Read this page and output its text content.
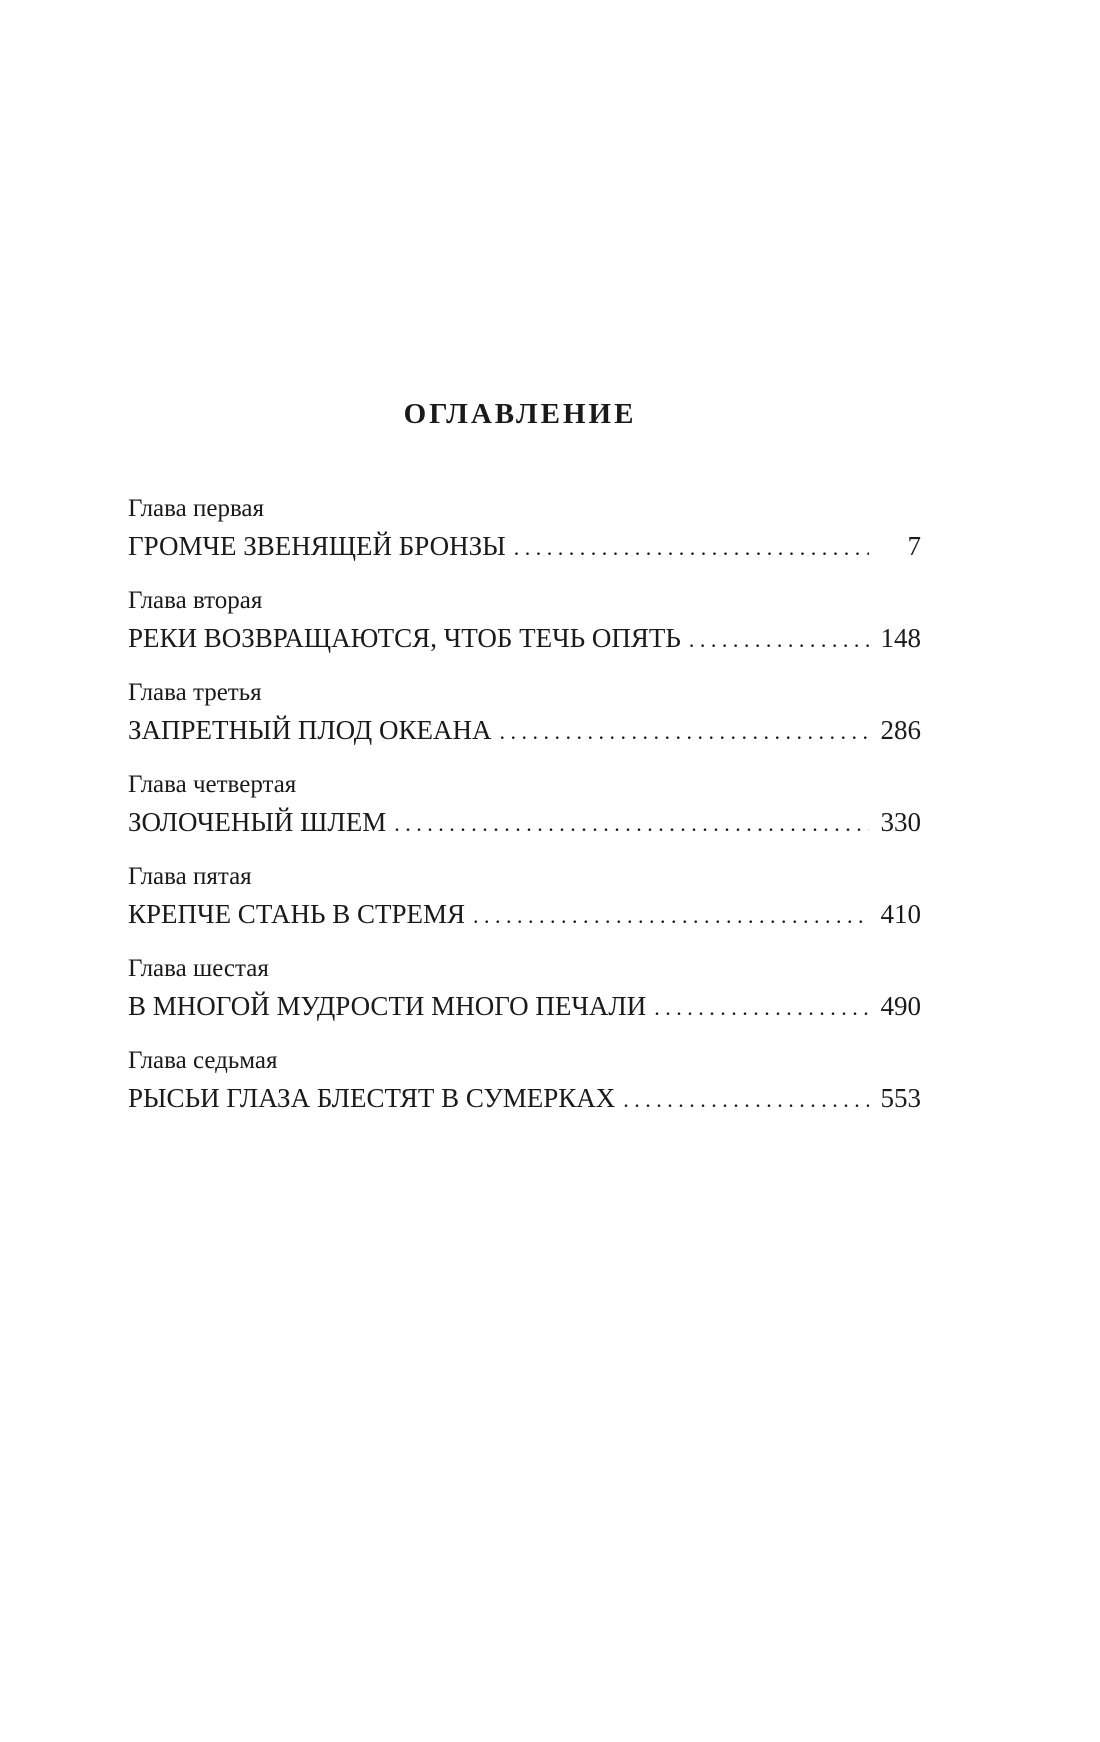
ОГЛАВЛЕНИЕ
Глава первая
ГРОМЧЕ ЗВЕНЯЩЕЙ БРОНЗЫ . . .	7
Глава вторая
РЕКИ ВОЗВРАЩАЮТСЯ, ЧТОБ ТЕЧЬ ОПЯТЬ . . .	148
Глава третья
ЗАПРЕТНЫЙ ПЛОД ОКЕАНА . . .	286
Глава четвертая
ЗОЛОЧЕНЫЙ ШЛЕМ . . .	330
Глава пятая
КРЕПЧЕ СТАНЬ В СТРЕМЯ . . .	410
Глава шестая
В МНОГОЙ МУДРОСТИ МНОГО ПЕЧАЛИ . . .	490
Глава седьмая
РЫСЬИ ГЛАЗА БЛЕСТЯТ В СУМЕРКАХ . . .	553
